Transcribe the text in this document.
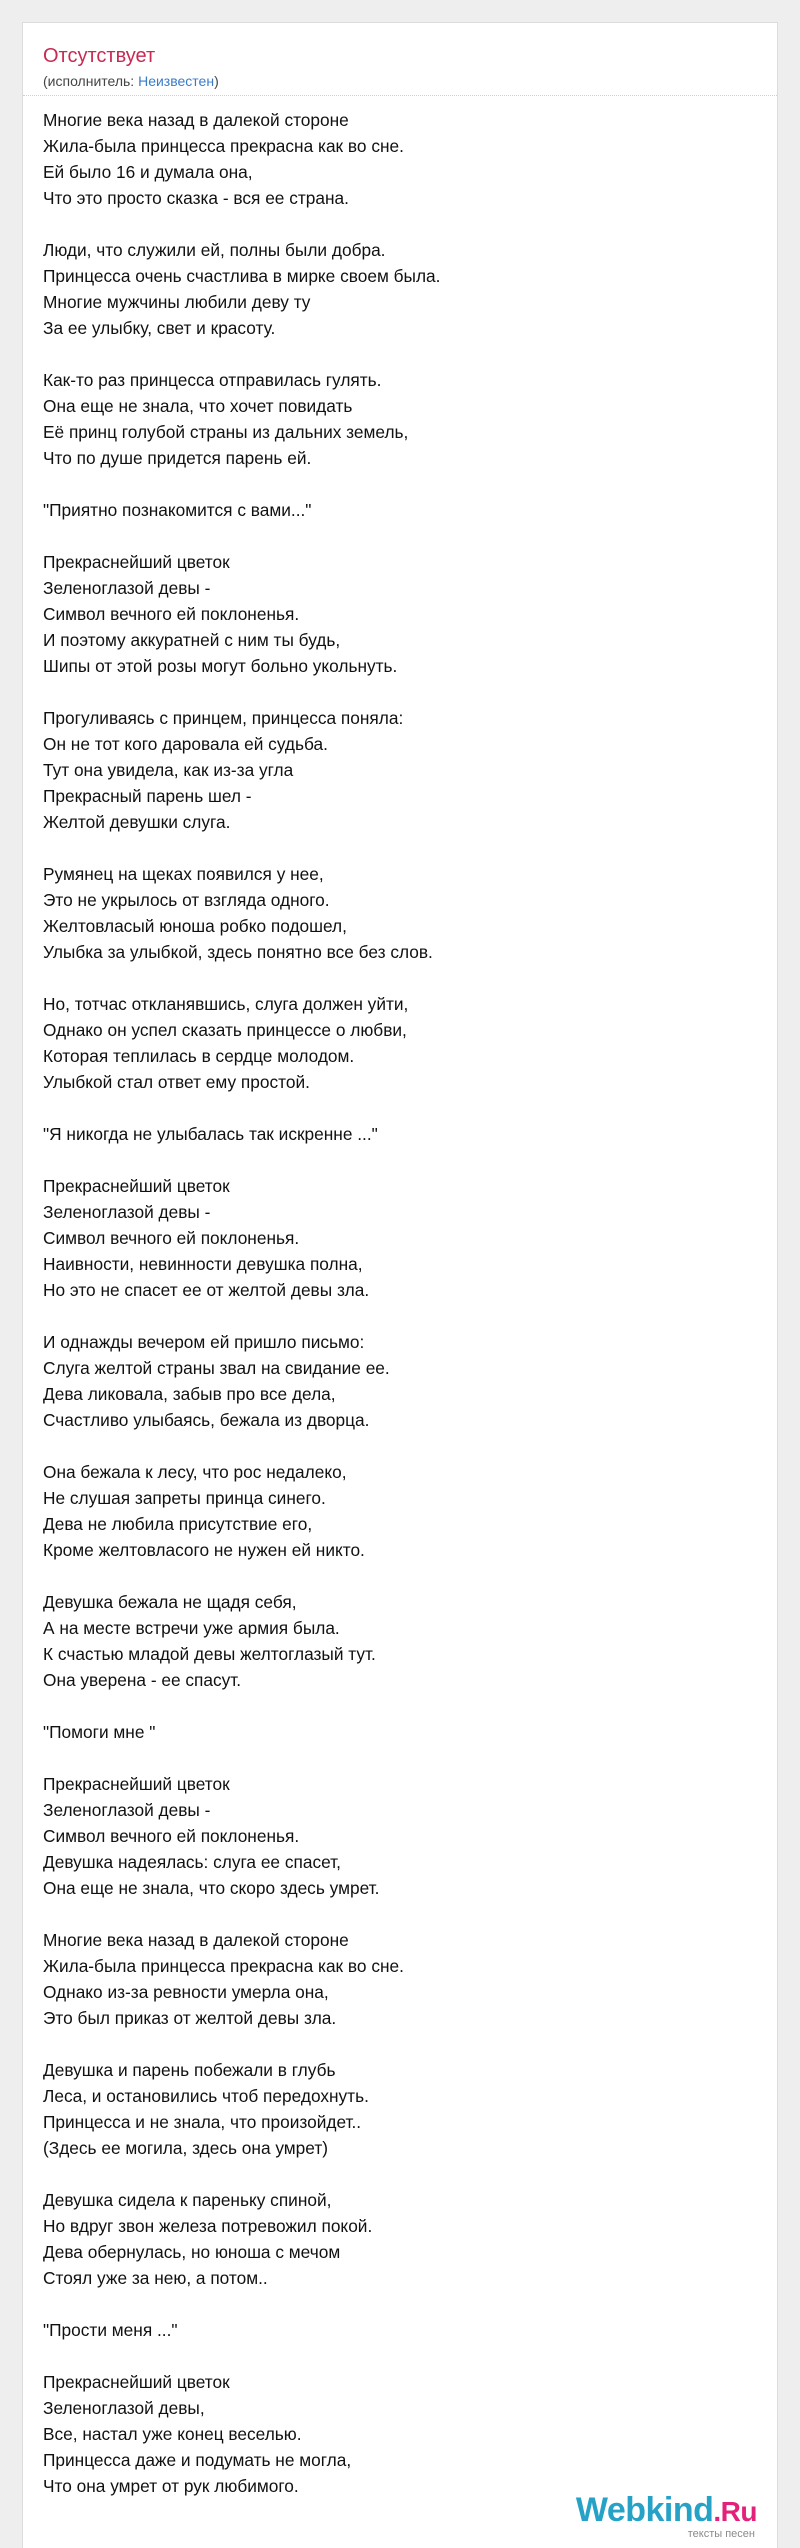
Отсутствует
(исполнитель: Неизвестен)
Многие века назад в далекой стороне
Жила-была принцесса прекрасна как во сне.
Ей было 16 и думала она,
Что это просто сказка - вся ее страна.
Люди, что служили ей, полны были добра.
Принцесса очень счастлива в мирке своем была.
Многие мужчины любили деву ту
За ее улыбку, свет и красоту.
Как-то раз принцесса отправилась гулять.
Она еще не знала, что хочет повидать
Её принц голубой страны из дальних земель,
Что по душе придется парень ей.
"Приятно познакомится с вами..."
Прекраснейший цветок
Зеленоглазой девы -
Символ вечного ей поклоненья.
И поэтому аккуратней с ним ты будь,
Шипы от этой розы могут больно укольнуть.
Прогуливаясь с принцем, принцесса поняла:
Он не тот кого даровала ей судьба.
Тут она увидела, как из-за угла
Прекрасный парень шел -
Желтой девушки слуга.
Румянец на щеках появился у нее,
Это не укрылось от взгляда одного.
Желтовласый юноша робко подошел,
Улыбка за улыбкой, здесь понятно все без слов.
Но, тотчас откланявшись, слуга должен уйти,
Однако он успел сказать принцессе о любви,
Которая теплилась в сердце молодом.
Улыбкой стал ответ ему простой.
"Я никогда не улыбалась так искренне ..."
Прекраснейший цветок
Зеленоглазой девы -
Символ вечного ей поклоненья.
Наивности, невинности девушка полна,
Но это не спасет ее от желтой девы зла.
И однажды вечером ей пришло письмо:
Слуга желтой страны звал на свидание ее.
Дева ликовала, забыв про все дела,
Счастливо улыбаясь, бежала из дворца.
Она бежала к лесу, что рос недалеко,
Не слушая запреты принца синего.
Дева не любила присутствие его,
Кроме желтовласого не нужен ей никто.
Девушка бежала не щадя себя,
А на месте встречи уже армия была.
К счастью младой девы желтоглазый тут.
Она уверена - ее спасут.
"Помоги мне "
Прекраснейший цветок
Зеленоглазой девы -
Символ вечного ей поклоненья.
Девушка надеялась: слуга ее спасет,
Она еще не знала, что скоро здесь умрет.
Многие века назад в далекой стороне
Жила-была принцесса прекрасна как во сне.
Однако из-за ревности умерла она,
Это был приказ от желтой девы зла.
Девушка и парень побежали в глубь
Леса, и остановились чтоб передохнуть.
Принцесса и не знала, что произойдет..
(Здесь ее могила, здесь она умрет)
Девушка сидела к пареньку спиной,
Но вдруг звон железа потревожил покой.
Дева обернулась, но юноша с мечом
Стоял уже за нею, а потом..
"Прости меня ..."
Прекраснейший цветок
Зеленоглазой девы,
Все, настал уже конец веселью.
Принцесса даже и подумать не могла,
Что она умрет от рук любимого.
Webkind.Ru
тексты песен
